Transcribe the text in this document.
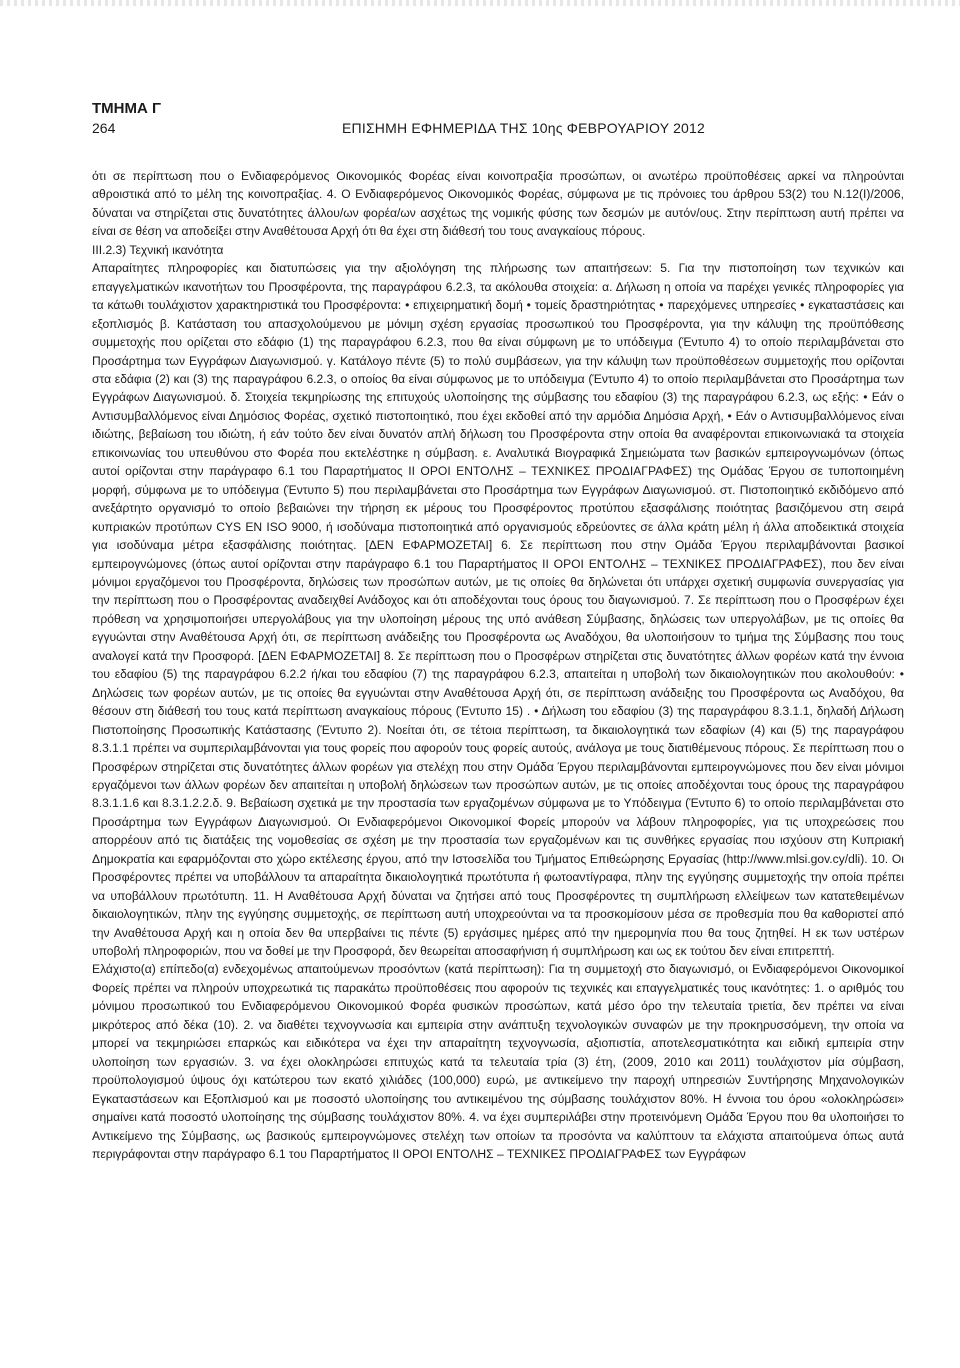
ΤΜΗΜΑ Γ
264	ΕΠΙΣΗΜΗ ΕΦΗΜΕΡΙΔΑ ΤΗΣ 10ης ΦΕΒΡΟΥΑΡΙΟΥ 2012

ότι σε περίπτωση που ο Ενδιαφερόμενος Οικονομικός Φορέας είναι κοινοπραξία προσώπων, οι ανωτέρω προϋποθέσεις αρκεί να πληρούνται αθροιστικά από το μέλη της κοινοπραξίας. 4. Ο Ενδιαφερόμενος Οικονομικός Φορέας, σύμφωνα με τις πρόνοιες του άρθρου 53(2) του Ν.12(Ι)/2006, δύναται να στηρίζεται στις δυνατότητες άλλου/ων φορέα/ων ασχέτως της νομικής φύσης των δεσμών με αυτόν/ους. Στην περίπτωση αυτή πρέπει να είναι σε θέση να αποδείξει στην Αναθέτουσα Αρχή ότι θα έχει στη διάθεσή του τους αναγκαίους πόρους.

ΙΙΙ.2.3) Τεχνική ικανότητα

Απαραίτητες πληροφορίες και διατυπώσεις για την αξιολόγηση της πλήρωσης των απαιτήσεων: 5. Για την πιστοποίηση των τεχνικών και επαγγελματικών ικανοτήτων του Προσφέροντα, της παραγράφου 6.2.3, τα ακόλουθα στοιχεία: α. Δήλωση η οποία να παρέχει γενικές πληροφορίες για τα κάτωθι τουλάχιστον χαρακτηριστικά του Προσφέροντα: • επιχειρηματική δομή • τομείς δραστηριότητας • παρεχόμενες υπηρεσίες • εγκαταστάσεις και εξοπλισμός β. Κατάσταση του απασχολούμενου με μόνιμη σχέση εργασίας προσωπικού του Προσφέροντα, για την κάλυψη της προϋπόθεσης συμμετοχής που ορίζεται στο εδάφιο (1) της παραγράφου 6.2.3, που θα είναι σύμφωνη με το υπόδειγμα (Έντυπο 4) το οποίο περιλαμβάνεται στο Προσάρτημα των Εγγράφων Διαγωνισμού. γ. Κατάλογο πέντε (5) το πολύ συμβάσεων, για την κάλυψη των προϋποθέσεων συμμετοχής που ορίζονται στα εδάφια (2) και (3) της παραγράφου 6.2.3, ο οποίος θα είναι σύμφωνος με το υπόδειγμα (Έντυπο 4) το οποίο περιλαμβάνεται στο Προσάρτημα των Εγγράφων Διαγωνισμού. δ. Στοιχεία τεκμηρίωσης της επιτυχούς υλοποίησης της σύμβασης του εδαφίου (3) της παραγράφου 6.2.3, ως εξής: • Εάν ο Αντισυμβαλλόμενος είναι Δημόσιος Φορέας, σχετικό πιστοποιητικό, που έχει εκδοθεί από την αρμόδια Δημόσια Αρχή, • Εάν ο Αντισυμβαλλόμενος είναι ιδιώτης, βεβαίωση του ιδιώτη, ή εάν τούτο δεν είναι δυνατόν απλή δήλωση του Προσφέροντα στην οποία θα αναφέρονται επικοινωνιακά τα στοιχεία επικοινωνίας του υπευθύνου στο Φορέα που εκτελέστηκε η σύμβαση. ε. Αναλυτικά Βιογραφικά Σημειώματα των βασικών εμπειρογνωμόνων (όπως αυτοί ορίζονται στην παράγραφο 6.1 του Παραρτήματος ΙΙ ΟΡΟΙ ΕΝΤΟΛΗΣ – ΤΕΧΝΙΚΕΣ ΠΡΟΔΙΑΓΡΑΦΕΣ) της Ομάδας Έργου σε τυποποιημένη μορφή, σύμφωνα με το υπόδειγμα (Έντυπο 5) που περιλαμβάνεται στο Προσάρτημα των Εγγράφων Διαγωνισμού. στ. Πιστοποιητικό εκδιδόμενο από ανεξάρτητο οργανισμό το οποίο βεβαιώνει την τήρηση εκ μέρους του Προσφέροντος προτύπου εξασφάλισης ποιότητας βασιζόμενου στη σειρά κυπριακών προτύπων CYS EN ISO 9000, ή ισοδύναμα πιστοποιητικά από οργανισμούς εδρεύοντες σε άλλα κράτη μέλη ή άλλα αποδεικτικά στοιχεία για ισοδύναμα μέτρα εξασφάλισης ποιότητας. [ΔΕΝ ΕΦΑΡΜΟΖΕΤΑΙ] 6. Σε περίπτωση που στην Ομάδα Έργου περιλαμβάνονται βασικοί εμπειρογνώμονες (όπως αυτοί ορίζονται στην παράγραφο 6.1 του Παραρτήματος ΙΙ ΟΡΟΙ ΕΝΤΟΛΗΣ – ΤΕΧΝΙΚΕΣ ΠΡΟΔΙΑΓΡΑΦΕΣ), που δεν είναι μόνιμοι εργαζόμενοι του Προσφέροντα, δηλώσεις των προσώπων αυτών, με τις οποίες θα δηλώνεται ότι υπάρχει σχετική συμφωνία συνεργασίας για την περίπτωση που ο Προσφέροντας αναδειχθεί Ανάδοχος και ότι αποδέχονται τους όρους του διαγωνισμού. 7. Σε περίπτωση που ο Προσφέρων έχει πρόθεση να χρησιμοποιήσει υπεργολάβους για την υλοποίηση μέρους της υπό ανάθεση Σύμβασης, δηλώσεις των υπεργολάβων, με τις οποίες θα εγγυώνται στην Αναθέτουσα Αρχή ότι, σε περίπτωση ανάδειξης του Προσφέροντα ως Αναδόχου, θα υλοποιήσουν το τμήμα της Σύμβασης που τους αναλογεί κατά την Προσφορά. [ΔΕΝ ΕΦΑΡΜΟΖΕΤΑΙ] 8. Σε περίπτωση που ο Προσφέρων στηρίζεται στις δυνατότητες άλλων φορέων κατά την έννοια του εδαφίου (5) της παραγράφου 6.2.2 ή/και του εδαφίου (7) της παραγράφου 6.2.3, απαιτείται η υποβολή των δικαιολογητικών που ακολουθούν: • Δηλώσεις των φορέων αυτών, με τις οποίες θα εγγυώνται στην Αναθέτουσα Αρχή ότι, σε περίπτωση ανάδειξης του Προσφέροντα ως Αναδόχου, θα θέσουν στη διάθεσή του τους κατά περίπτωση αναγκαίους πόρους (Έντυπο 15) . • Δήλωση του εδαφίου (3) της παραγράφου 8.3.1.1, δηλαδή Δήλωση Πιστοποίησης Προσωπικής Κατάστασης (Έντυπο 2). Νοείται ότι, σε τέτοια περίπτωση, τα δικαιολογητικά των εδαφίων (4) και (5) της παραγράφου 8.3.1.1 πρέπει να συμπεριλαμβάνονται για τους φορείς που αφορούν τους φορείς αυτούς, ανάλογα με τους διατιθέμενους πόρους. Σε περίπτωση που ο Προσφέρων στηρίζεται στις δυνατότητες άλλων φορέων για στελέχη που στην Ομάδα Έργου περιλαμβάνονται εμπειρογνώμονες που δεν είναι μόνιμοι εργαζόμενοι των άλλων φορέων δεν απαιτείται η υποβολή δηλώσεων των προσώπων αυτών, με τις οποίες αποδέχονται τους όρους της παραγράφου 8.3.1.1.6 και 8.3.1.2.2.δ. 9. Βεβαίωση σχετικά με την προστασία των εργαζομένων σύμφωνα με το Υπόδειγμα (Έντυπο 6) το οποίο περιλαμβάνεται στο Προσάρτημα των Εγγράφων Διαγωνισμού. Οι Ενδιαφερόμενοι Οικονομικοί Φορείς μπορούν να λάβουν πληροφορίες, για τις υποχρεώσεις που απορρέουν από τις διατάξεις της νομοθεσίας σε σχέση με την προστασία των εργαζομένων και τις συνθήκες εργασίας που ισχύουν στη Κυπριακή Δημοκρατία και εφαρμόζονται στο χώρο εκτέλεσης έργου, από την Ιστοσελίδα του Τμήματος Επιθεώρησης Εργασίας (http://www.mlsi.gov.cy/dli). 10. Οι Προσφέροντες πρέπει να υποβάλλουν τα απαραίτητα δικαιολογητικά πρωτότυπα ή φωτοαντίγραφα, πλην της εγγύησης συμμετοχής την οποία πρέπει να υποβάλλουν πρωτότυπη. 11. Η Αναθέτουσα Αρχή δύναται να ζητήσει από τους Προσφέροντες τη συμπλήρωση ελλείψεων των κατατεθειμένων δικαιολογητικών, πλην της εγγύησης συμμετοχής, σε περίπτωση αυτή υποχρεούνται να τα προσκομίσουν μέσα σε προθεσμία που θα καθοριστεί από την Αναθέτουσα Αρχή και η οποία δεν θα υπερβαίνει τις πέντε (5) εργάσιμες ημέρες από την ημερομηνία που θα τους ζητηθεί. Η εκ των υστέρων υποβολή πληροφοριών, που να δοθεί με την Προσφορά, δεν θεωρείται αποσαφήνιση ή συμπλήρωση και ως εκ τούτου δεν είναι επιτρεπτή.

Ελάχιστο(α) επίπεδο(α) ενδεχομένως απαιτούμενων προσόντων (κατά περίπτωση): Για τη συμμετοχή στο διαγωνισμό, οι Ενδιαφερόμενοι Οικονομικοί Φορείς πρέπει να πληρούν υποχρεωτικά τις παρακάτω προϋποθέσεις που αφορούν τις τεχνικές και επαγγελματικές τους ικανότητες: 1. ο αριθμός του μόνιμου προσωπικού του Ενδιαφερόμενου Οικονομικού Φορέα φυσικών προσώπων, κατά μέσο όρο την τελευταία τριετία, δεν πρέπει να είναι μικρότερος από δέκα (10). 2. να διαθέτει τεχνογνωσία και εμπειρία στην ανάπτυξη τεχνολογικών συναφών με την προκηρυσσόμενη, την οποία να μπορεί να τεκμηριώσει επαρκώς και ειδικότερα να έχει την απαραίτητη τεχνογνωσία, αξιοπιστία, αποτελεσματικότητα και ειδική εμπειρία στην υλοποίηση των εργασιών. 3. να έχει ολοκληρώσει επιτυχώς κατά τα τελευταία τρία (3) έτη, (2009, 2010 και 2011) τουλάχιστον μία σύμβαση, προϋπολογισμού ύψους όχι κατώτερου των εκατό χιλιάδες (100,000) ευρώ, με αντικείμενο την παροχή υπηρεσιών Συντήρησης Μηχανολογικών Εγκαταστάσεων και Εξοπλισμού και με ποσοστό υλοποίησης του αντικειμένου της σύμβασης τουλάχιστον 80%. Η έννοια του όρου «ολοκληρώσει» σημαίνει κατά ποσοστό υλοποίησης της σύμβασης τουλάχιστον 80%. 4. να έχει συμπεριλάβει στην προτεινόμενη Ομάδα Έργου που θα υλοποιήσει το Αντικείμενο της Σύμβασης, ως βασικούς εμπειρογνώμονες στελέχη των οποίων τα προσόντα να καλύπτουν τα ελάχιστα απαιτούμενα όπως αυτά περιγράφονται στην παράγραφο 6.1 του Παραρτήματος ΙΙ ΟΡΟΙ ΕΝΤΟΛΗΣ – ΤΕΧΝΙΚΕΣ ΠΡΟΔΙΑΓΡΑΦΕΣ των Εγγράφων
